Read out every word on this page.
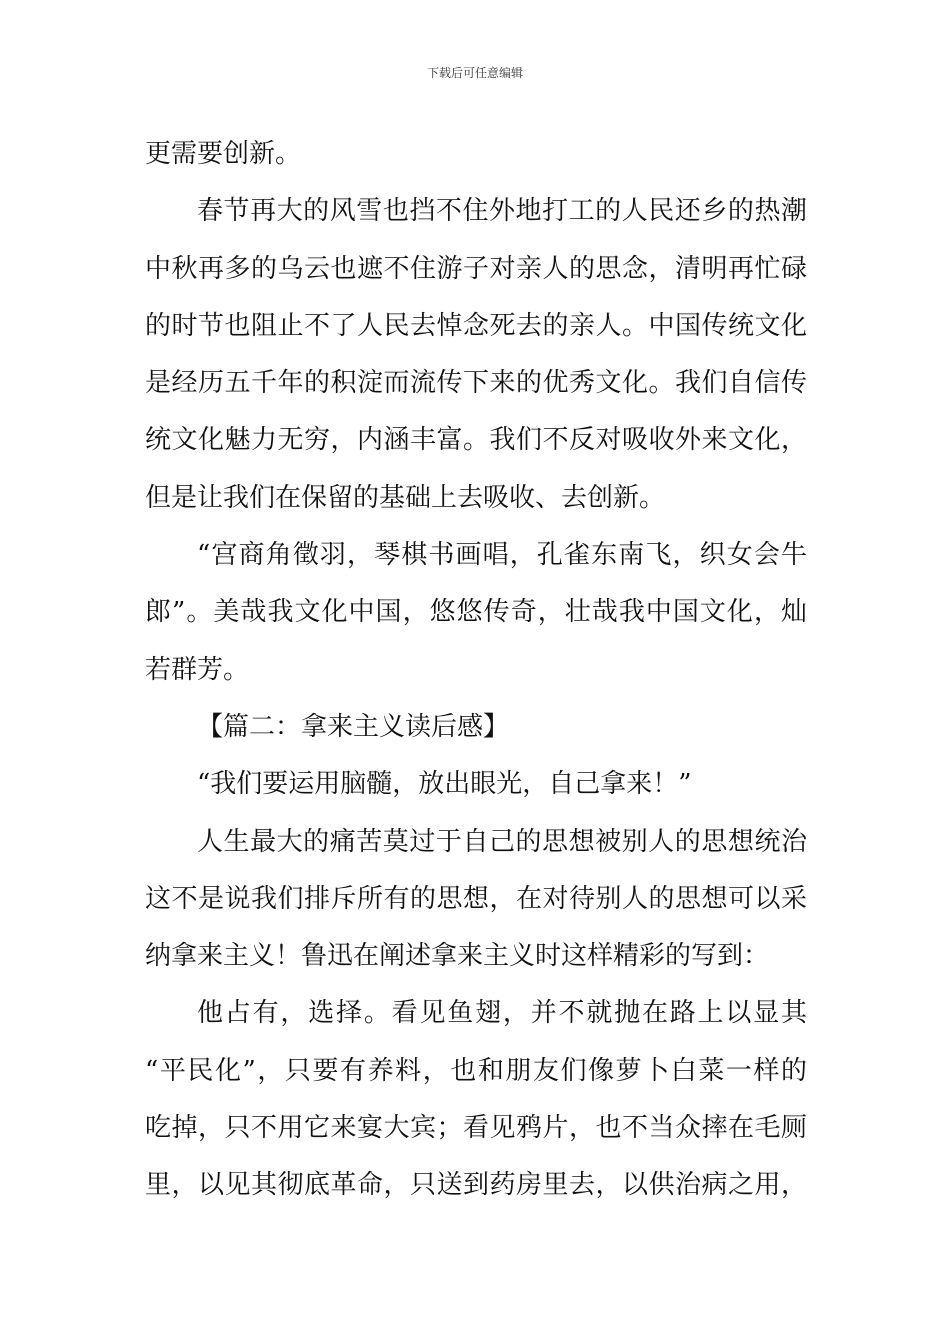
下载后可任意编辑
更需要创新。
春节再大的风雪也挡不住外地打工的人民还乡的热潮
中秋再多的乌云也遮不住游子对亲人的思念，清明再忙碌
的时节也阻止不了人民去悼念死去的亲人。中国传统文化
是经历五千年的积淀而流传下来的优秀文化。我们自信传
统文化魅力无穷，内涵丰富。我们不反对吸收外来文化，
但是让我们在保留的基础上去吸收、去创新。
“宫商角徵羽，琴棋书画唱，孔雀东南飞，织女会牛
郎”。美哉我文化中国，悠悠传奇，壮哉我中国文化，灿
若群芳。
【篇二：拿来主义读后感】
“我们要运用脑髓，放出眼光，自己拿来！”
人生最大的痛苦莫过于自己的思想被别人的思想统治
这不是说我们排斥所有的思想，在对待别人的思想可以采
纳拿来主义！鲁迅在阐述拿来主义时这样精彩的写到：
他占有，选择。看见鱼翅，并不就抛在路上以显其
“平民化”，只要有养料，也和朋友们像萝卜白菜一样的
吃掉，只不用它来宴大宾；看见鸦片，也不当众摔在毛厕
里，以见其彻底革命，只送到药房里去，以供治病之用，
